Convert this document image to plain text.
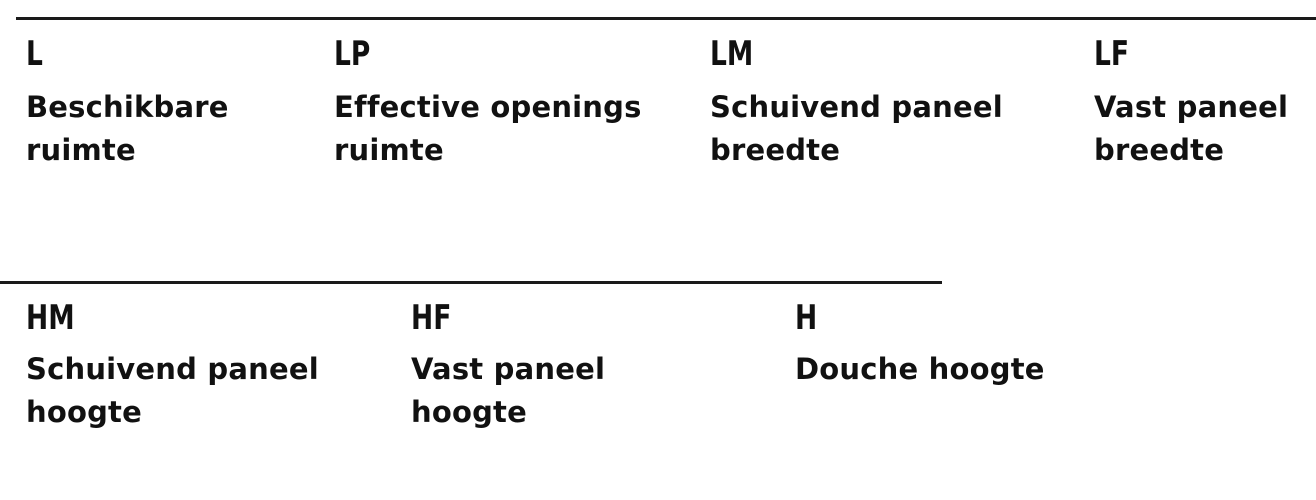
L
Beschikbare
ruimte
LP
Effective openings
ruimte
LM
Schuivend paneel
breedte
LF
Vast paneel
breedte
HM
Schuivend paneel
hoogte
HF
Vast paneel
hoogte
H
Douche hoogte
